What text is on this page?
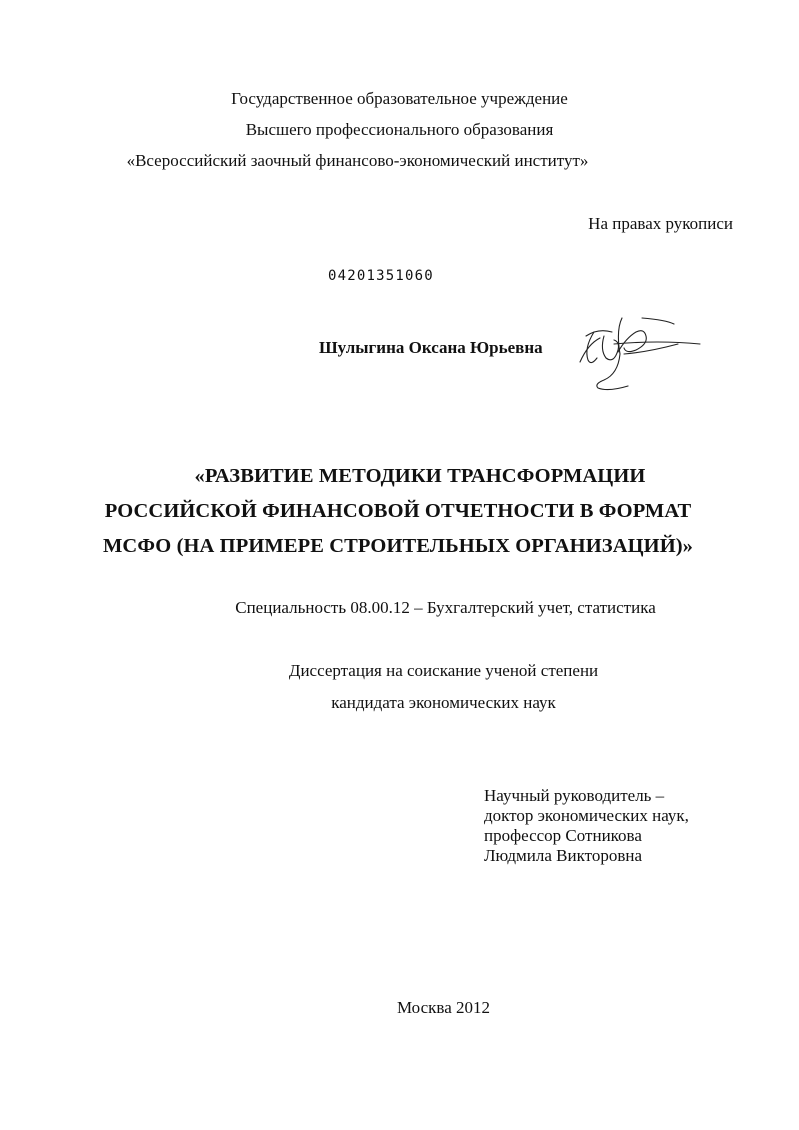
Государственное образовательное учреждение
Высшего профессионального образования
«Всероссийский заочный финансово-экономический институт»
На правах рукописи
04201351060
Шулыгина Оксана Юрьевна
«РАЗВИТИЕ МЕТОДИКИ ТРАНСФОРМАЦИИ
РОССИЙСКОЙ ФИНАНСОВОЙ ОТЧЕТНОСТИ В ФОРМАТ
МСФО (НА ПРИМЕРЕ СТРОИТЕЛЬНЫХ ОРГАНИЗАЦИЙ)»
Специальность 08.00.12 – Бухгалтерский учет, статистика
Диссертация на соискание ученой степени
кандидата экономических наук
Научный руководитель –
доктор экономических наук,
профессор Сотникова
Людмила Викторовна
Москва 2012
